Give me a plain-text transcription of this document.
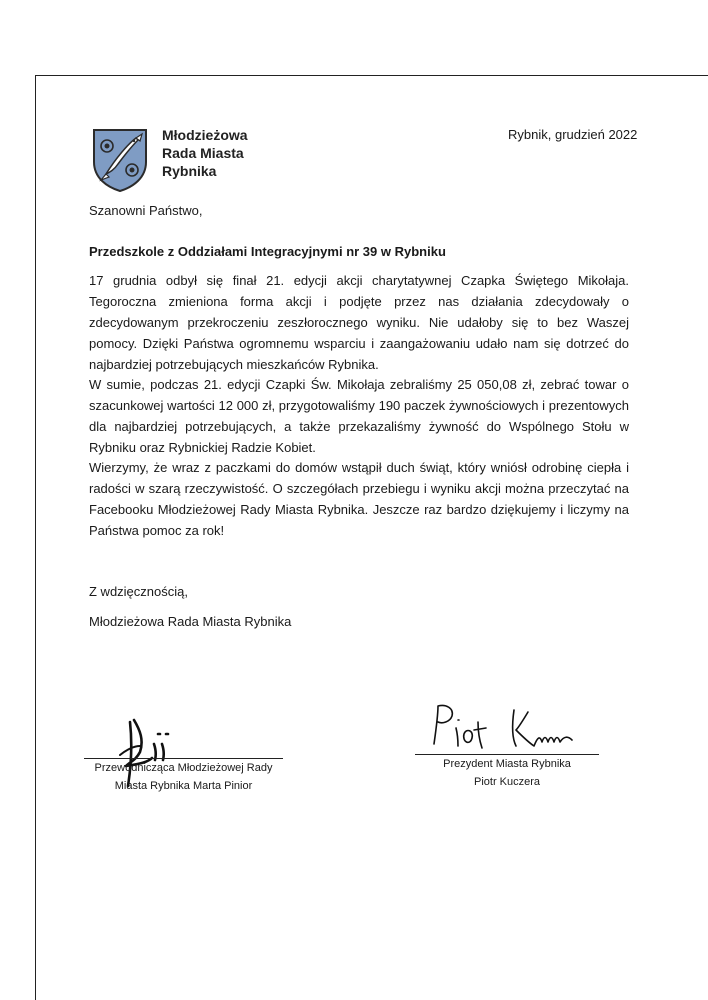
Młodzieżowa
Rada Miasta
Rybnika
Rybnik, grudzień 2022
Szanowni Państwo,
Przedszkole z Oddziałami Integracyjnymi nr 39 w Rybniku
17 grudnia odbył się finał 21. edycji akcji charytatywnej Czapka Świętego Mikołaja. Tegoroczna zmieniona forma akcji i podjęte przez nas działania zdecydowały o zdecydowanym przekroczeniu zeszłorocznego wyniku. Nie udałoby się to bez Waszej pomocy. Dzięki Państwa ogromnemu wsparciu i zaangażowaniu udało nam się dotrzeć do najbardziej potrzebujących mieszkańców Rybnika.
W sumie, podczas 21. edycji Czapki Św. Mikołaja zebraliśmy 25 050,08 zł, zebrać towar o szacunkowej wartości 12 000 zł, przygotowaliśmy 190 paczek żywnościowych i prezentowych dla najbardziej potrzebujących, a także przekazaliśmy żywność do Wspólnego Stołu w Rybniku oraz Rybnickiej Radzie Kobiet.
Wierzymy, że wraz z paczkami do domów wstąpił duch świąt, który wniósł odrobinę ciepła i radości w szarą rzeczywistość. O szczegółach przebiegu i wyniku akcji można przeczytać na Facebooku Młodzieżowej Rady Miasta Rybnika. Jeszcze raz bardzo dziękujemy i liczymy na Państwa pomoc za rok!
Z wdzięcznością,
Młodzieżowa Rada Miasta Rybnika
Przewodnicząca Młodzieżowej Rady
Miasta Rybnika Marta Pinior
Prezydent Miasta Rybnika
Piotr Kuczera
